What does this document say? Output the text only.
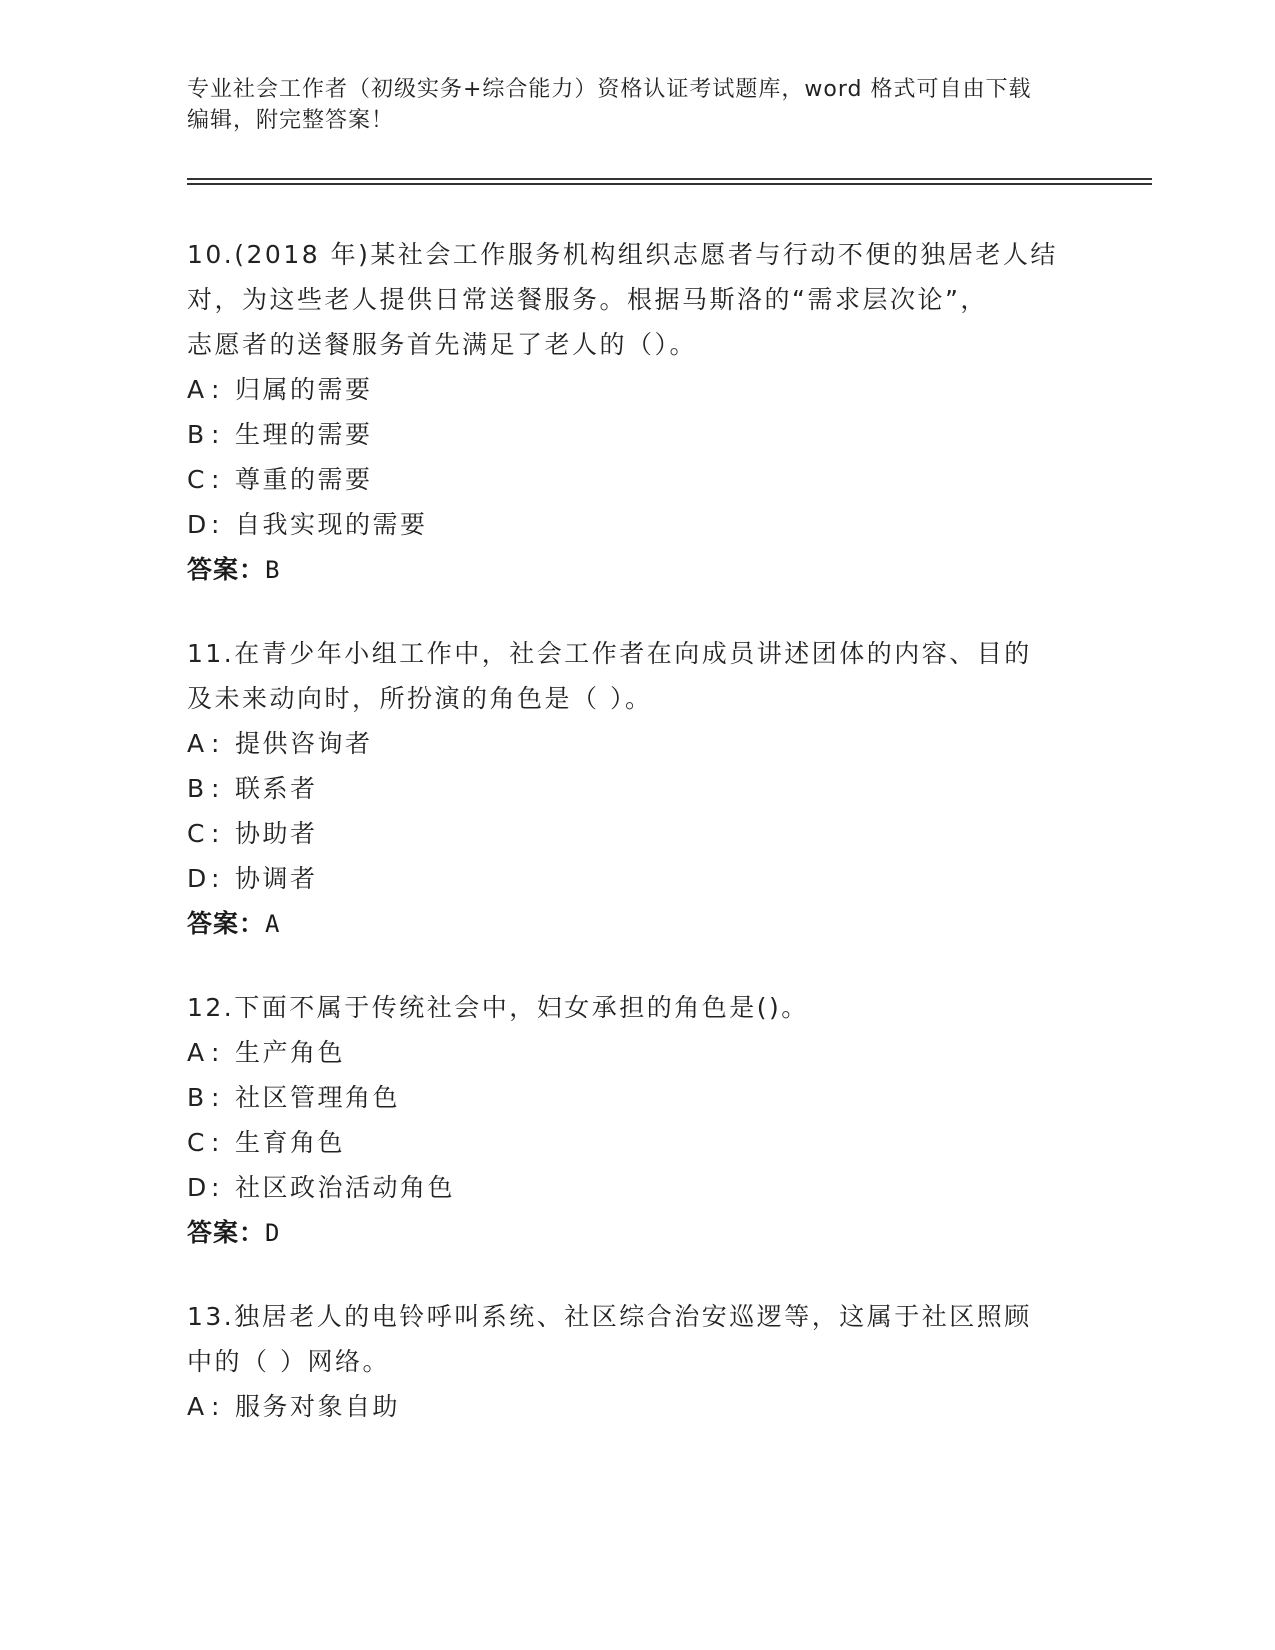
专业社会工作者（初级实务+综合能力）资格认证考试题库，word 格式可自由下载
编辑，附完整答案！

10.(2018 年)某社会工作服务机构组织志愿者与行动不便的独居老人结

对，为这些老人提供日常送餐服务。根据马斯洛的“需求层次论”，

志愿者的送餐服务首先满足了老人的（）。

A : 归属的需要

B : 生理的需要

C : 尊重的需要

D: 自我实现的需要

答案：B

11.在青少年小组工作中，社会工作者在向成员讲述团体的内容、目的

及未来动向时，所扮演的角色是（ ）。

A : 提供咨询者

B : 联系者

C : 协助者

D: 协调者

答案：A

12.下面不属于传统社会中，妇女承担的角色是()。

A : 生产角色

B : 社区管理角色

C : 生育角色

D: 社区政治活动角色

答案：D

13.独居老人的电铃呼叫系统、社区综合治安巡逻等，这属于社区照顾

中的（ ）网络。

A : 服务对象自助
